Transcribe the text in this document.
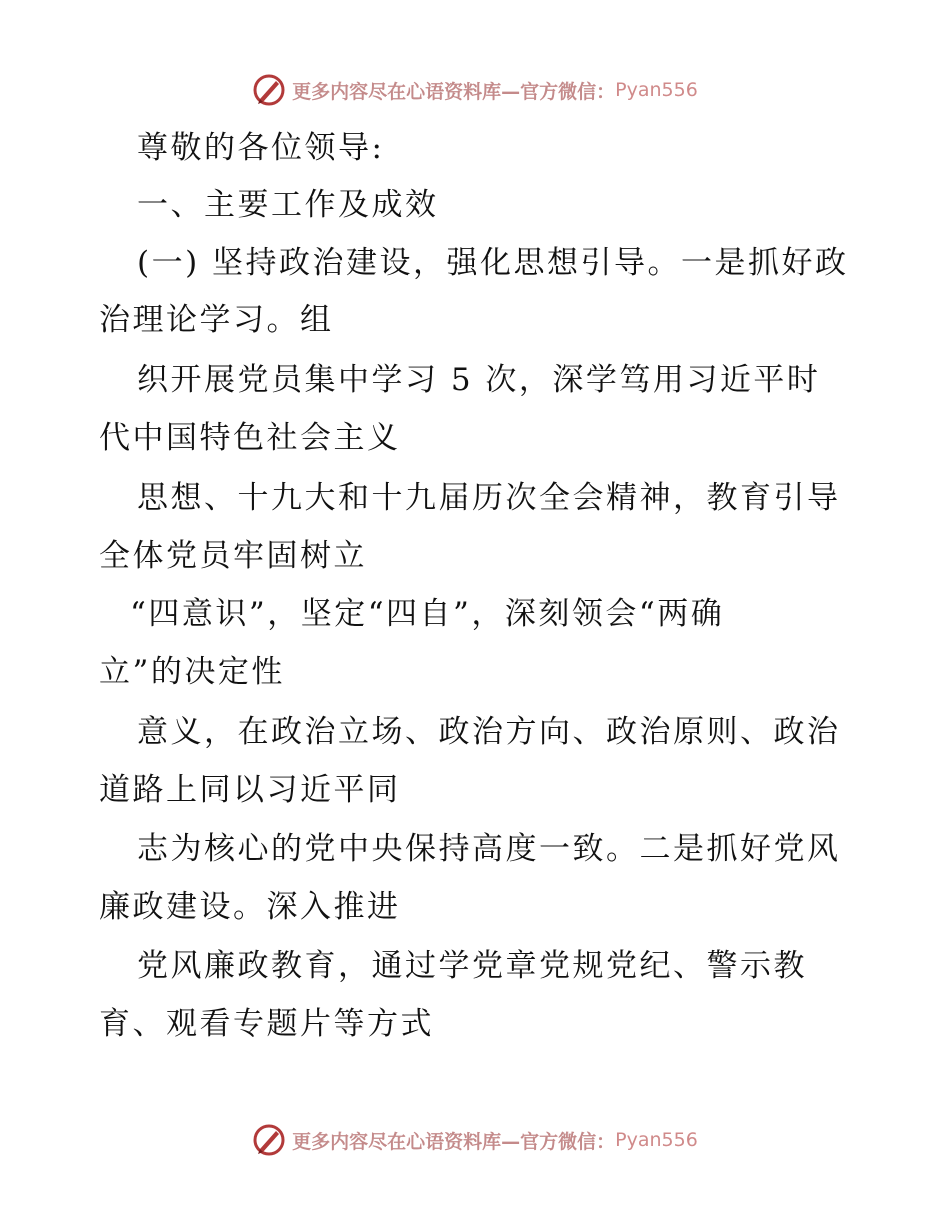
更多内容尽在心语资料库—官方微信： Pyan556
尊敬的各位领导:
一、主要工作及成效
(一) 坚持政治建设，强化思想引导。一是抓好政
治理论学习。组
织开展党员集中学习 5 次，深学笃用习近平时
代中国特色社会主义
思想、十九大和十九届历次全会精神，教育引导
全体党员牢固树立
“四意识”，坚定“四自”，深刻领会“两确
立”的决定性
意义，在政治立场、政治方向、政治原则、政治
道路上同以习近平同
志为核心的党中央保持高度一致。二是抓好党风
廉政建设。深入推进
党风廉政教育，通过学党章党规党纪、警示教
育、观看专题片等方式
更多内容尽在心语资料库—官方微信： Pyan556
